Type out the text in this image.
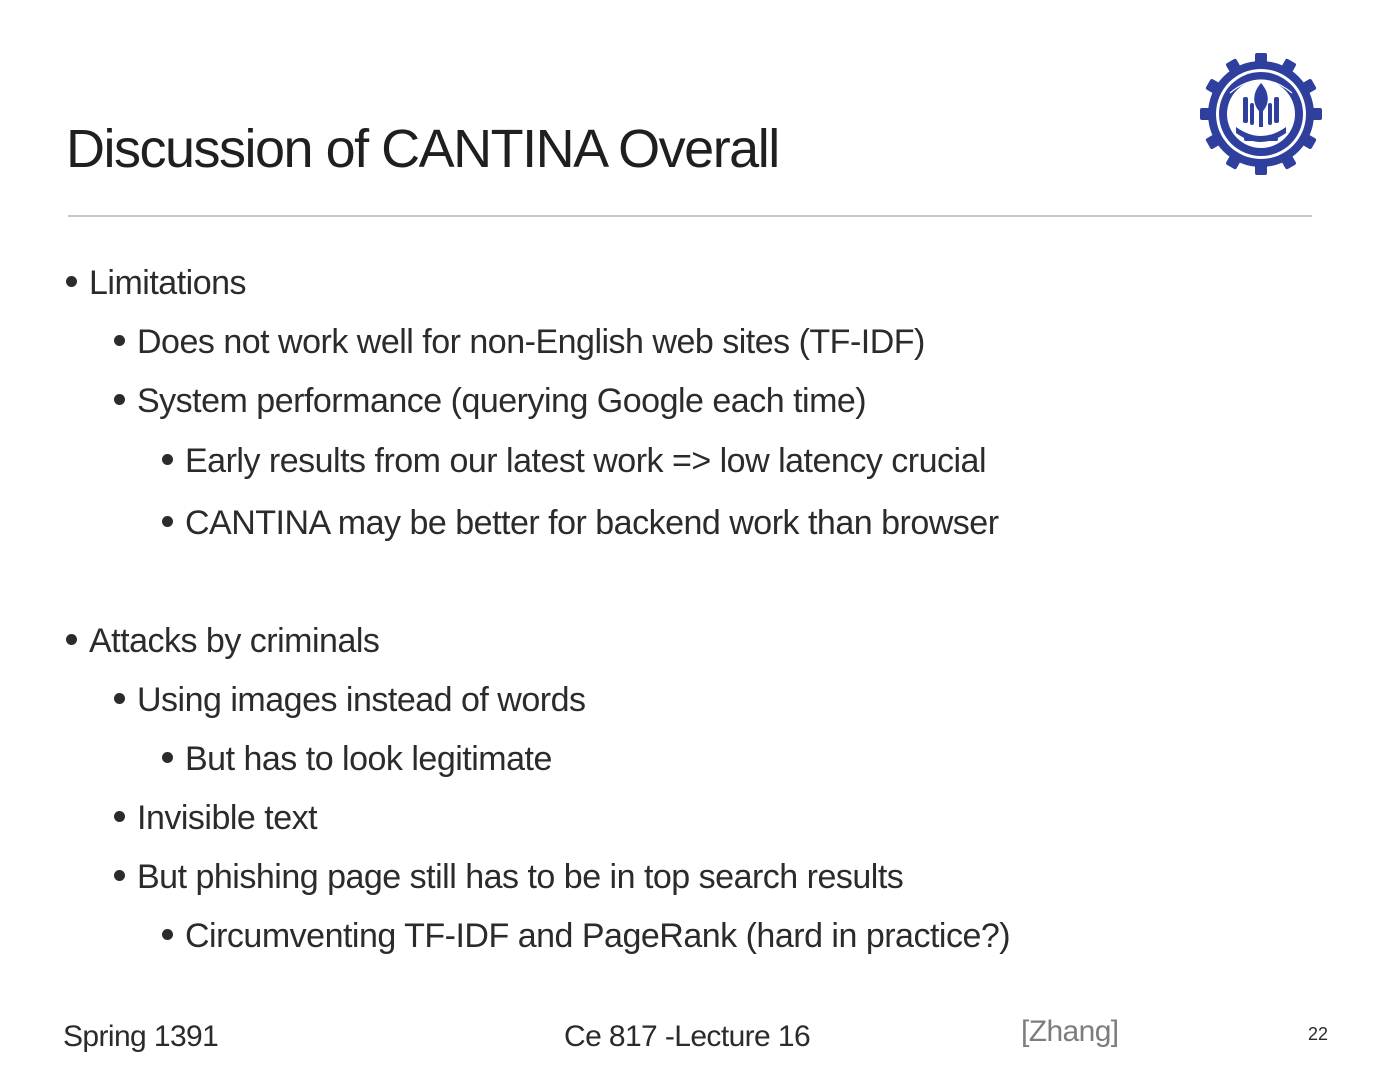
Discussion of CANTINA Overall
Limitations
Does not work well for non-English web sites (TF-IDF)
System performance (querying Google each time)
Early results from our latest work => low latency crucial
CANTINA may be better for backend work than browser
Attacks by criminals
Using images instead of words
But has to look legitimate
Invisible text
But phishing page still has to be in top search results
Circumventing TF-IDF and PageRank (hard in practice?)
Spring 1391	Ce 817 -Lecture 16	[Zhang]	22
